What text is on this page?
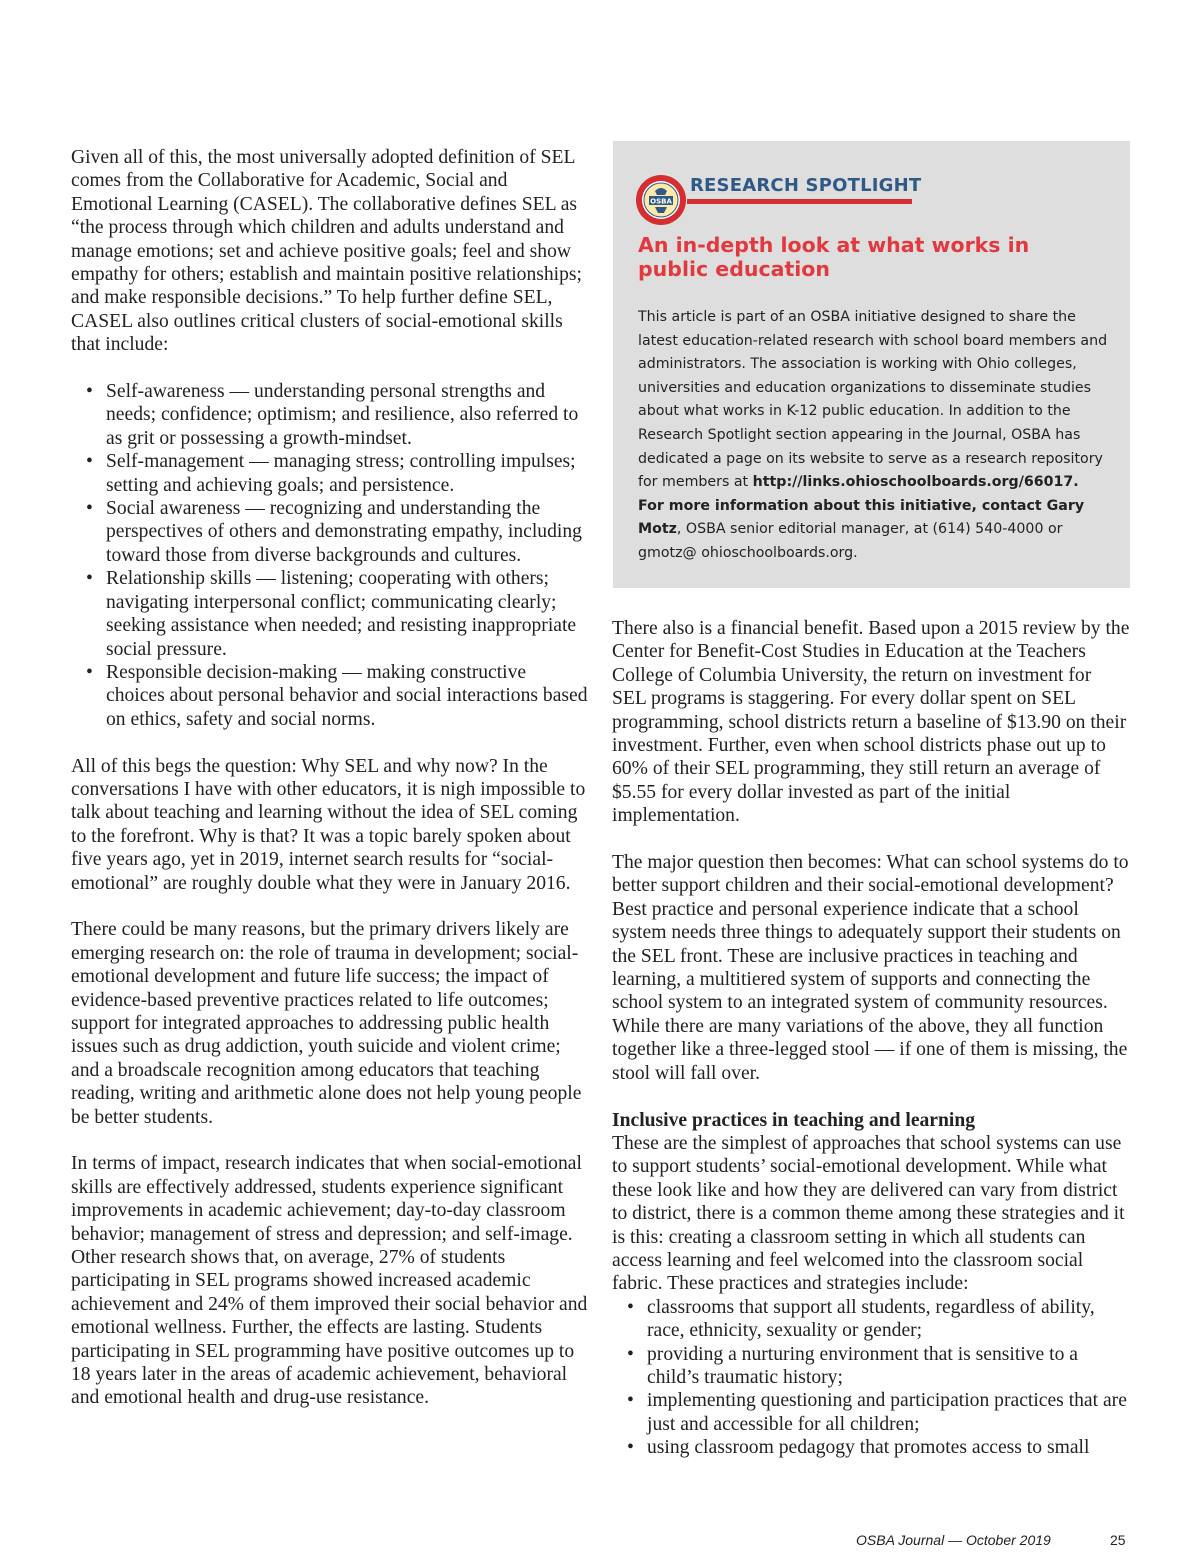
Given all of this, the most universally adopted definition of SEL comes from the Collaborative for Academic, Social and Emotional Learning (CASEL). The collaborative defines SEL as “the process through which children and adults understand and manage emotions; set and achieve positive goals; feel and show empathy for others; establish and maintain positive relationships; and make responsible decisions.” To help further define SEL, CASEL also outlines critical clusters of social-emotional skills that include:

• Self-awareness — understanding personal strengths and needs; confidence; optimism; and resilience, also referred to as grit or possessing a growth-mindset.
• Self-management — managing stress; controlling impulses; setting and achieving goals; and persistence.
• Social awareness — recognizing and understanding the perspectives of others and demonstrating empathy, including toward those from diverse backgrounds and cultures.
• Relationship skills — listening; cooperating with others; navigating interpersonal conflict; communicating clearly; seeking assistance when needed; and resisting inappropriate social pressure.
• Responsible decision-making — making constructive choices about personal behavior and social interactions based on ethics, safety and social norms.

All of this begs the question: Why SEL and why now? In the conversations I have with other educators, it is nigh impossible to talk about teaching and learning without the idea of SEL coming to the forefront. Why is that? It was a topic barely spoken about five years ago, yet in 2019, internet search results for “social-emotional” are roughly double what they were in January 2016.

There could be many reasons, but the primary drivers likely are emerging research on: the role of trauma in development; social-emotional development and future life success; the impact of evidence-based preventive practices related to life outcomes; support for integrated approaches to addressing public health issues such as drug addiction, youth suicide and violent crime; and a broadscale recognition among educators that teaching reading, writing and arithmetic alone does not help young people be better students.

In terms of impact, research indicates that when social-emotional skills are effectively addressed, students experience significant improvements in academic achievement; day-to-day classroom behavior; management of stress and depression; and self-image. Other research shows that, on average, 27% of students participating in SEL programs showed increased academic achievement and 24% of them improved their social behavior and emotional wellness. Further, the effects are lasting. Students participating in SEL programming have positive outcomes up to 18 years later in the areas of academic achievement, behavioral and emotional health and drug-use resistance.

OSBA
RESEARCH SPOTLIGHT
An in-depth look at what works in public education

This article is part of an OSBA initiative designed to share the latest education-related research with school board members and administrators. The association is working with Ohio colleges, universities and education organizations to disseminate studies about what works in K-12 public education. In addition to the Research Spotlight section appearing in the Journal, OSBA has dedicated a page on its website to serve as a research repository for members at http://links.ohioschoolboards.org/66017. For more information about this initiative, contact Gary Motz, OSBA senior editorial manager, at (614) 540-4000 or gmotz@ ohioschoolboards.org.

There also is a financial benefit. Based upon a 2015 review by the Center for Benefit-Cost Studies in Education at the Teachers College of Columbia University, the return on investment for SEL programs is staggering. For every dollar spent on SEL programming, school districts return a baseline of $13.90 on their investment. Further, even when school districts phase out up to 60% of their SEL programming, they still return an average of $5.55 for every dollar invested as part of the initial implementation.

The major question then becomes: What can school systems do to better support children and their social-emotional development? Best practice and personal experience indicate that a school system needs three things to adequately support their students on the SEL front. These are inclusive practices in teaching and learning, a multitiered system of supports and connecting the school system to an integrated system of community resources. While there are many variations of the above, they all function together like a three-legged stool — if one of them is missing, the stool will fall over.

Inclusive practices in teaching and learning

These are the simplest of approaches that school systems can use to support students’ social-emotional development. While what these look like and how they are delivered can vary from district to district, there is a common theme among these strategies and it is this: creating a classroom setting in which all students can access learning and feel welcomed into the classroom social fabric. These practices and strategies include:

• classrooms that support all students, regardless of ability, race, ethnicity, sexuality or gender;
• providing a nurturing environment that is sensitive to a child’s traumatic history;
• implementing questioning and participation practices that are just and accessible for all children;
• using classroom pedagogy that promotes access to small
OSBA Journal — October 2019	25
